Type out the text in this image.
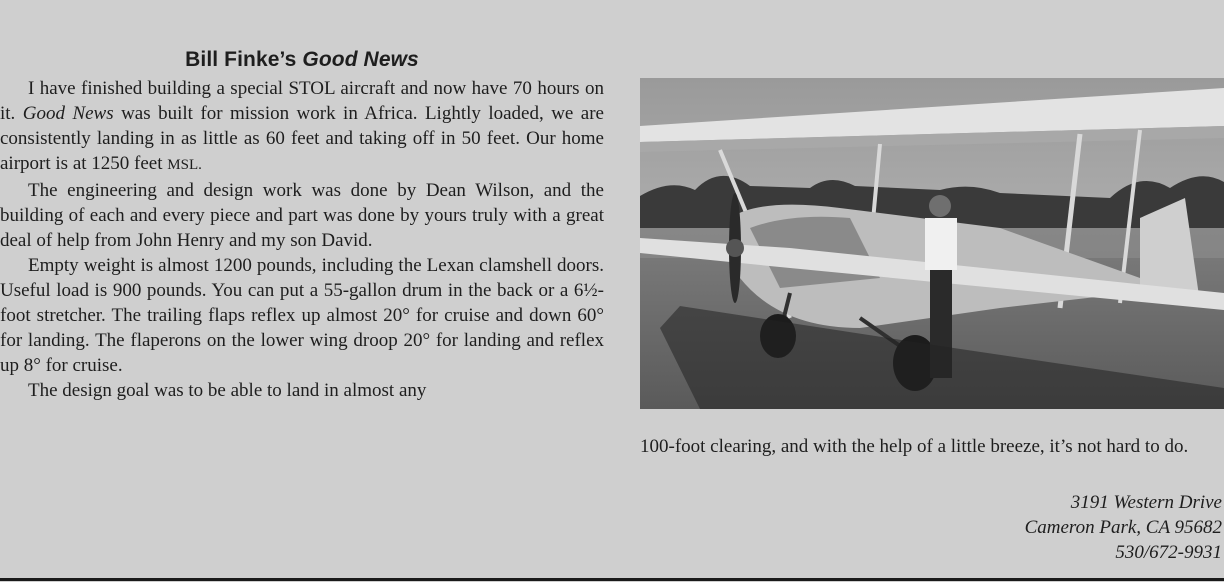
Bill Finke’s Good News

I have finished building a special STOL aircraft and now have 70 hours on it. Good News was built for mission work in Africa. Lightly loaded, we are consistently landing in as little as 60 feet and taking off in 50 feet. Our home airport is at 1250 feet MSL.

The engineering and design work was done by Dean Wilson, and the building of each and every piece and part was done by yours truly with a great deal of help from John Henry and my son David.

Empty weight is almost 1200 pounds, including the Lexan clamshell doors. Useful load is 900 pounds. You can put a 55-gallon drum in the back or a 6½-foot stretcher. The trailing flaps reflex up almost 20° for cruise and down 60° for landing. The flaperons on the lower wing droop 20° for landing and reflex up 8° for cruise.

The design goal was to be able to land in almost any

100-foot clearing, and with the help of a little breeze, it’s not hard to do.

3191 Western Drive
Cameron Park, CA 95682
530/672-9931
